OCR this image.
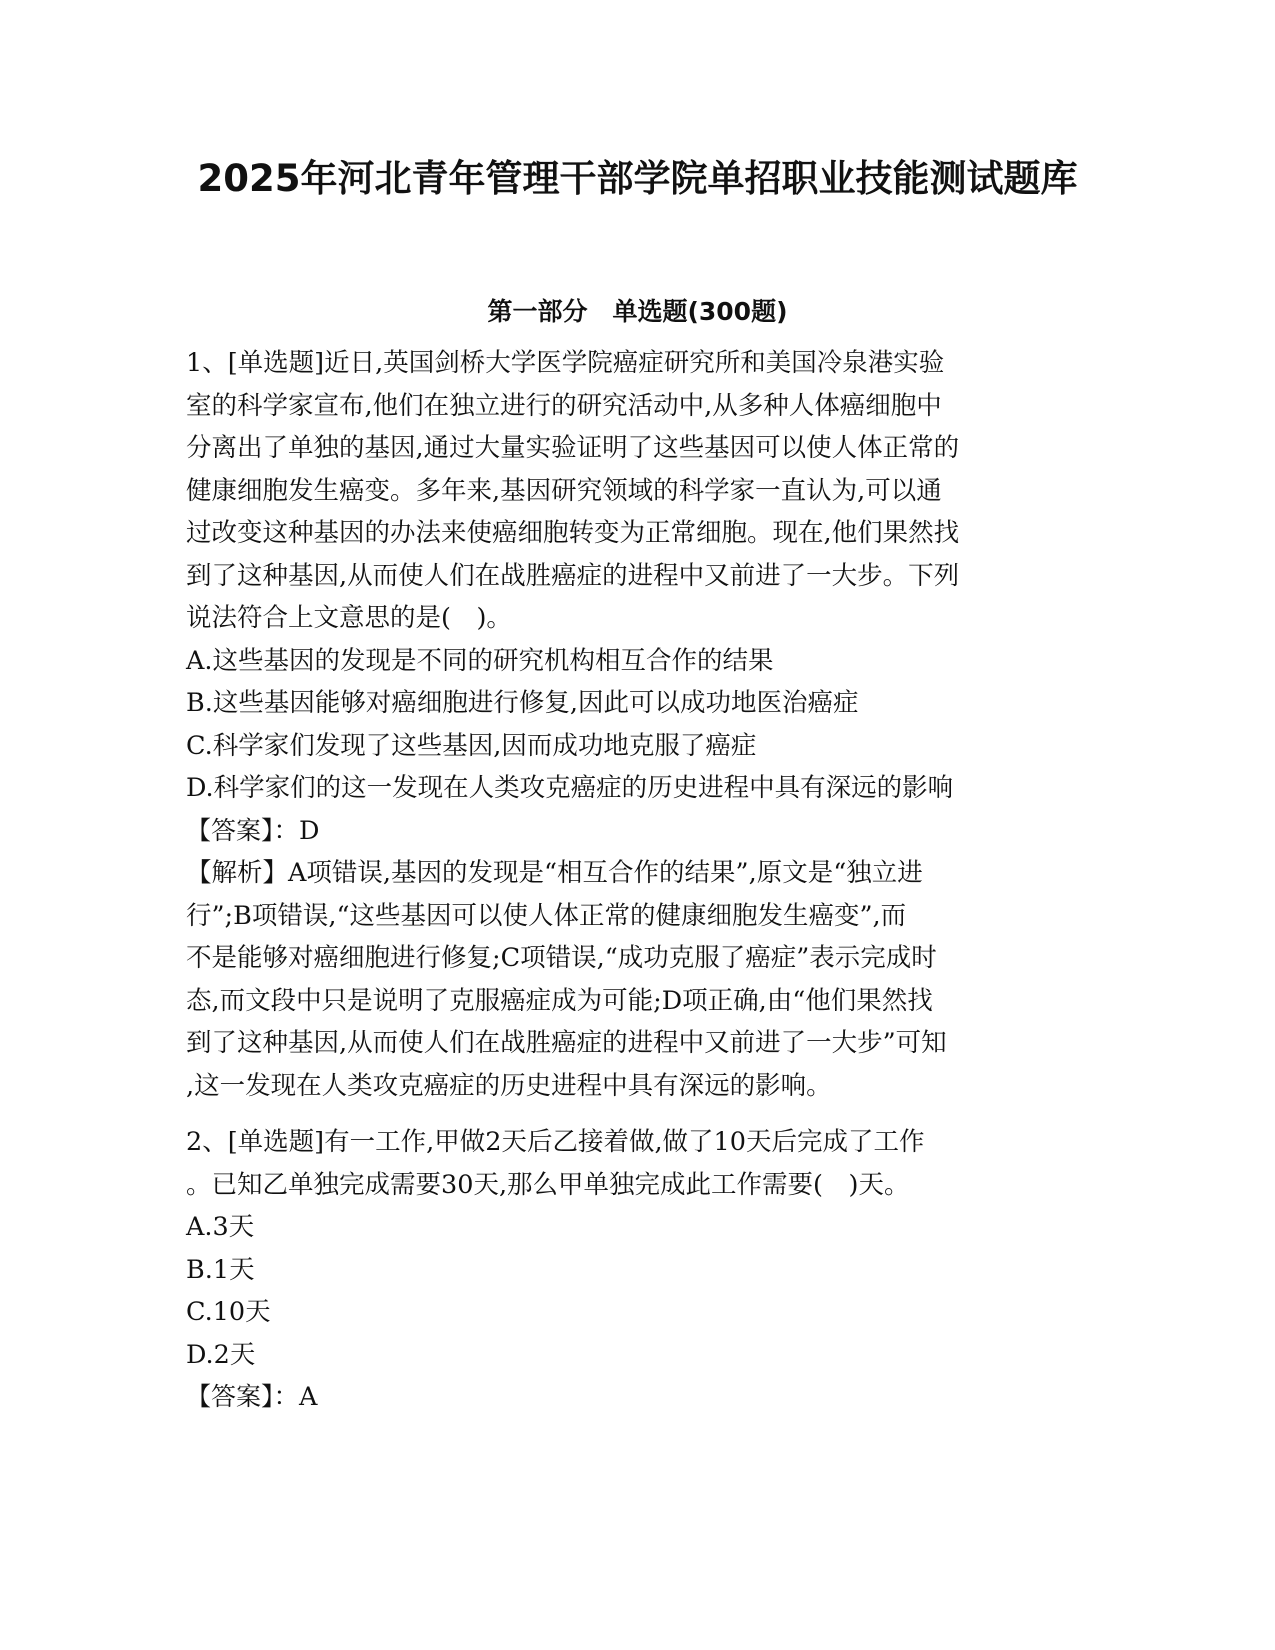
2025年河北青年管理干部学院单招职业技能测试题库
第一部分　单选题(300题)
1、[单选题]近日,英国剑桥大学医学院癌症研究所和美国冷泉港实验
室的科学家宣布,他们在独立进行的研究活动中,从多种人体癌细胞中
分离出了单独的基因,通过大量实验证明了这些基因可以使人体正常的
健康细胞发生癌变。多年来,基因研究领域的科学家一直认为,可以通
过改变这种基因的办法来使癌细胞转变为正常细胞。现在,他们果然找
到了这种基因,从而使人们在战胜癌症的进程中又前进了一大步。下列
说法符合上文意思的是(　)。
A.这些基因的发现是不同的研究机构相互合作的结果
B.这些基因能够对癌细胞进行修复,因此可以成功地医治癌症
C.科学家们发现了这些基因,因而成功地克服了癌症
D.科学家们的这一发现在人类攻克癌症的历史进程中具有深远的影响
【答案】：D
【解析】A项错误,基因的发现是“相互合作的结果”,原文是“独立进
行”;B项错误,“这些基因可以使人体正常的健康细胞发生癌变”,而
不是能够对癌细胞进行修复;C项错误,“成功克服了癌症”表示完成时
态,而文段中只是说明了克服癌症成为可能;D项正确,由“他们果然找
到了这种基因,从而使人们在战胜癌症的进程中又前进了一大步”可知
,这一发现在人类攻克癌症的历史进程中具有深远的影响。
2、[单选题]有一工作,甲做2天后乙接着做,做了10天后完成了工作
。已知乙单独完成需要30天,那么甲单独完成此工作需要(　)天。
A.3天
B.1天
C.10天
D.2天
【答案】：A
